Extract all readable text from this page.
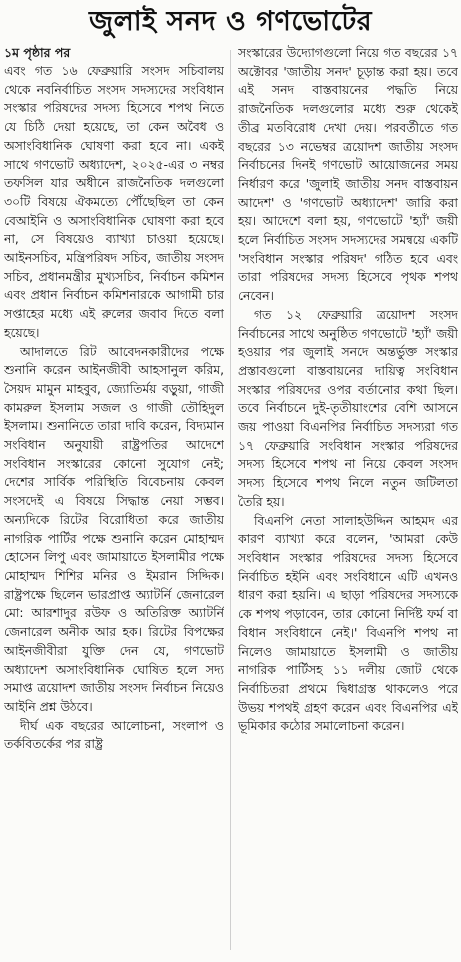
জুলাই সনদ ও গণভোটের

১ম পৃষ্ঠার পর

এবং গত ১৬ ফেব্রুয়ারি সংসদ সচিবালয় থেকে নবনির্বাচিত সংসদ সদস্যদের সংবিধান সংস্কার পরিষদের সদস্য হিসেবে শপথ নিতে যে চিঠি দেয়া হয়েছে, তা কেন অবৈধ ও অসাংবিধানিক ঘোষণা করা হবে না। একই সাথে গণভোট অধ্যাদেশ, ২০২৫-এর ৩ নম্বর তফসিল যার অধীনে রাজনৈতিক দলগুলো ৩০টি বিষয়ে ঐকমত্যে পৌঁছেছিল তা কেন বেআইনি ও অসাংবিধানিক ঘোষণা করা হবে না, সে বিষয়েও ব্যাখ্যা চাওয়া হয়েছে। আইনসচিব, মন্ত্রিপরিষদ সচিব, জাতীয় সংসদ সচিব, প্রধানমন্ত্রীর মুখ্যসচিব, নির্বাচন কমিশন এবং প্রধান নির্বাচন কমিশনারকে আগামী চার সপ্তাহের মধ্যে এই রুলের জবাব দিতে বলা হয়েছে।

আদালতে রিট আবেদনকারীদের পক্ষে শুনানি করেন আইনজীবী আহসানুল করিম, সৈয়দ মামুন মাহবুব, জ্যোতির্ময় বড়ুয়া, গাজী কামরুল ইসলাম সজল ও গাজী তৌহিদুল ইসলাম। শুনানিতে তারা দাবি করেন, বিদ্যমান সংবিধান অনুযায়ী রাষ্ট্রপতির আদেশে সংবিধান সংস্কারের কোনো সুযোগ নেই; দেশের সার্বিক পরিস্থিতি বিবেচনায় কেবল সংসদেই এ বিষয়ে সিদ্ধান্ত নেয়া সম্ভব। অন্যদিকে রিটের বিরোধিতা করে জাতীয় নাগরিক পার্টির পক্ষে শুনানি করেন মোহাম্মদ হোসেন লিপু এবং জামায়াতে ইসলামীর পক্ষে মোহাম্মদ শিশির মনির ও ইমরান সিদ্দিক। রাষ্ট্রপক্ষে ছিলেন ভারপ্রাপ্ত অ্যাটর্নি জেনারেল মো: আরশাদুর রউফ ও অতিরিক্ত অ্যাটর্নি জেনারেল অনীক আর হক। রিটের বিপক্ষের আইনজীবীরা যুক্তি দেন যে, গণভোট অধ্যাদেশ অসাংবিধানিক ঘোষিত হলে সদ্য সমাপ্ত ত্রয়োদশ জাতীয় সংসদ নির্বাচন নিয়েও আইনি প্রশ্ন উঠবে।

দীর্ঘ এক বছরের আলোচনা, সংলাপ ও তর্কবিতর্কের পর রাষ্ট্র

সংস্কারের উদ্যোগগুলো নিয়ে গত বছরের ১৭ অক্টোবর 'জাতীয় সনদ' চূড়ান্ত করা হয়। তবে এই সনদ বাস্তবায়নের পদ্ধতি নিয়ে রাজনৈতিক দলগুলোর মধ্যে শুরু থেকেই তীব্র মতবিরোধ দেখা দেয়। পরবর্তীতে গত বছরের ১৩ নভেম্বর ত্রয়োদশ জাতীয় সংসদ নির্বাচনের দিনই গণভোট আয়োজনের সময় নির্ধারণ করে 'জুলাই জাতীয় সনদ বাস্তবায়ন আদেশ' ও 'গণভোট অধ্যাদেশ' জারি করা হয়। আদেশে বলা হয়, গণভোটে 'হ্যাঁ' জয়ী হলে নির্বাচিত সংসদ সদস্যদের সমন্বয়ে একটি 'সংবিধান সংস্কার পরিষদ' গঠিত হবে এবং তারা পরিষদের সদস্য হিসেবে পৃথক শপথ নেবেন।

গত ১২ ফেব্রুয়ারি ত্রয়োদশ সংসদ নির্বাচনের সাথে অনুষ্ঠিত গণভোটে 'হ্যাঁ' জয়ী হওয়ার পর জুলাই সনদে অন্তর্ভুক্ত সংস্কার প্রস্তাবগুলো বাস্তবায়নের দায়িত্ব সংবিধান সংস্কার পরিষদের ওপর বর্তানোর কথা ছিল। তবে নির্বাচনে দুই-তৃতীয়াংশের বেশি আসনে জয় পাওয়া বিএনপির নির্বাচিত সদস্যরা গত ১৭ ফেব্রুয়ারি সংবিধান সংস্কার পরিষদের সদস্য হিসেবে শপথ না নিয়ে কেবল সংসদ সদস্য হিসেবে শপথ নিলে নতুন জটিলতা তৈরি হয়।

বিএনপি নেতা সালাহউদ্দিন আহমদ এর কারণ ব্যাখ্যা করে বলেন, 'আমরা কেউ সংবিধান সংস্কার পরিষদের সদস্য হিসেবে নির্বাচিত হইনি এবং সংবিধানে এটি এখনও ধারণ করা হয়নি। এ ছাড়া পরিষদের সদস্যকে কে শপথ পড়াবেন, তার কোনো নির্দিষ্ট ফর্ম বা বিধান সংবিধানে নেই।' বিএনপি শপথ না নিলেও জামায়াতে ইসলামী ও জাতীয় নাগরিক পার্টিসহ ১১ দলীয় জোট থেকে নির্বাচিতরা প্রথমে দ্বিধাগ্রস্ত থাকলেও পরে উভয় শপথই গ্রহণ করেন এবং বিএনপির এই ভূমিকার কঠোর সমালোচনা করেন।
